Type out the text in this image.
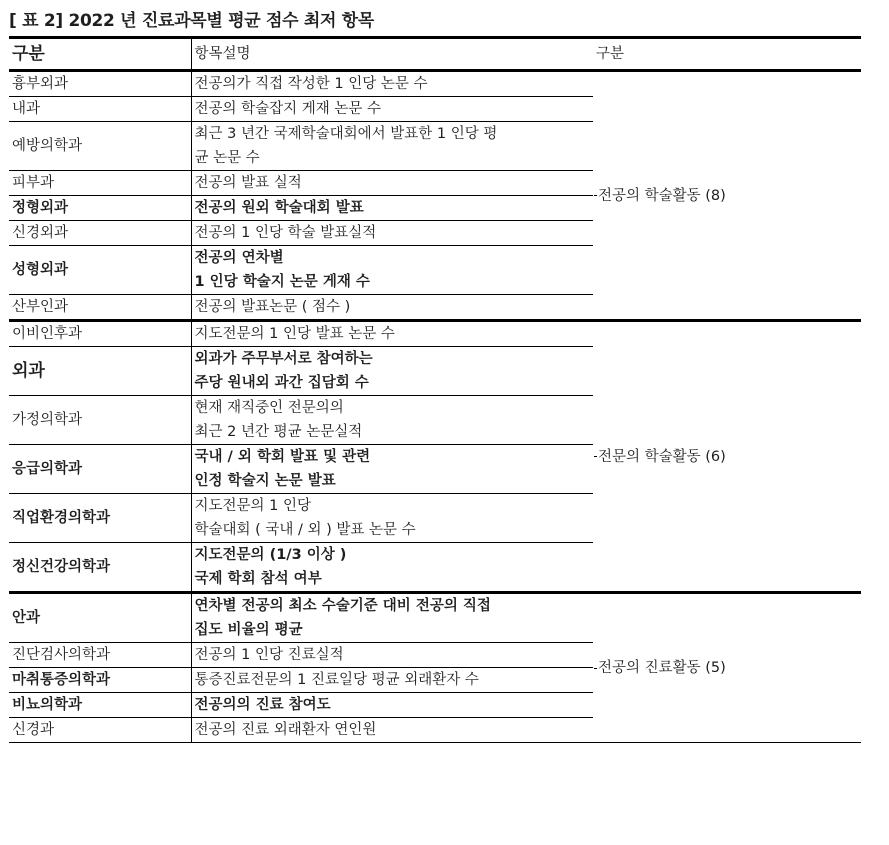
[ 표 2] 2022 년 진료과목별 평균 점수 최저 항목
구분	항목설명	구분
흉부외과	전공의가 직접 작성한 1 인당 논문 수	전공의 학술활동 (8)

내과	전공의 학술잡지 게재 논문 수	

예방의학과	최근 3 년간 국제학술대회에서 발표한 1 인당 평
균 논문 수	

피부과	전공의 발표 실적	

정형외과	전공의 원외 학술대회 발표	

신경외과	전공의 1 인당 학술 발표실적	

성형외과	전공의 연차별
1 인당 학술지 논문 게재 수	

산부인과	전공의 발표논문 ( 점수 )	

이비인후과	지도전문의 1 인당 발표 논문 수	전문의 학술활동 (6)

외과	외과가 주무부서로 참여하는
주당 원내외 과간 집담회 수	

가정의학과	현재 재직중인 전문의의
최근 2 년간 평균 논문실적	

응급의학과	국내 / 외 학회 발표 및 관련
인정 학술지 논문 발표	

직업환경의학과	지도전문의 1 인당
학술대회 ( 국내 / 외 ) 발표 논문 수	

정신건강의학과	지도전문의 (1/3 이상 )
국제 학회 참석 여부	

안과	연차별 전공의 최소 수술기준 대비 전공의 직접
집도 비율의 평균	전공의 진료활동 (5)

진단검사의학과	전공의 1 인당 진료실적	

마취통증의학과	통증진료전문의 1 진료일당 평균 외래환자 수	

비뇨의학과	전공의의 진료 참여도	

신경과	전공의 진료 외래환자 연인원	
